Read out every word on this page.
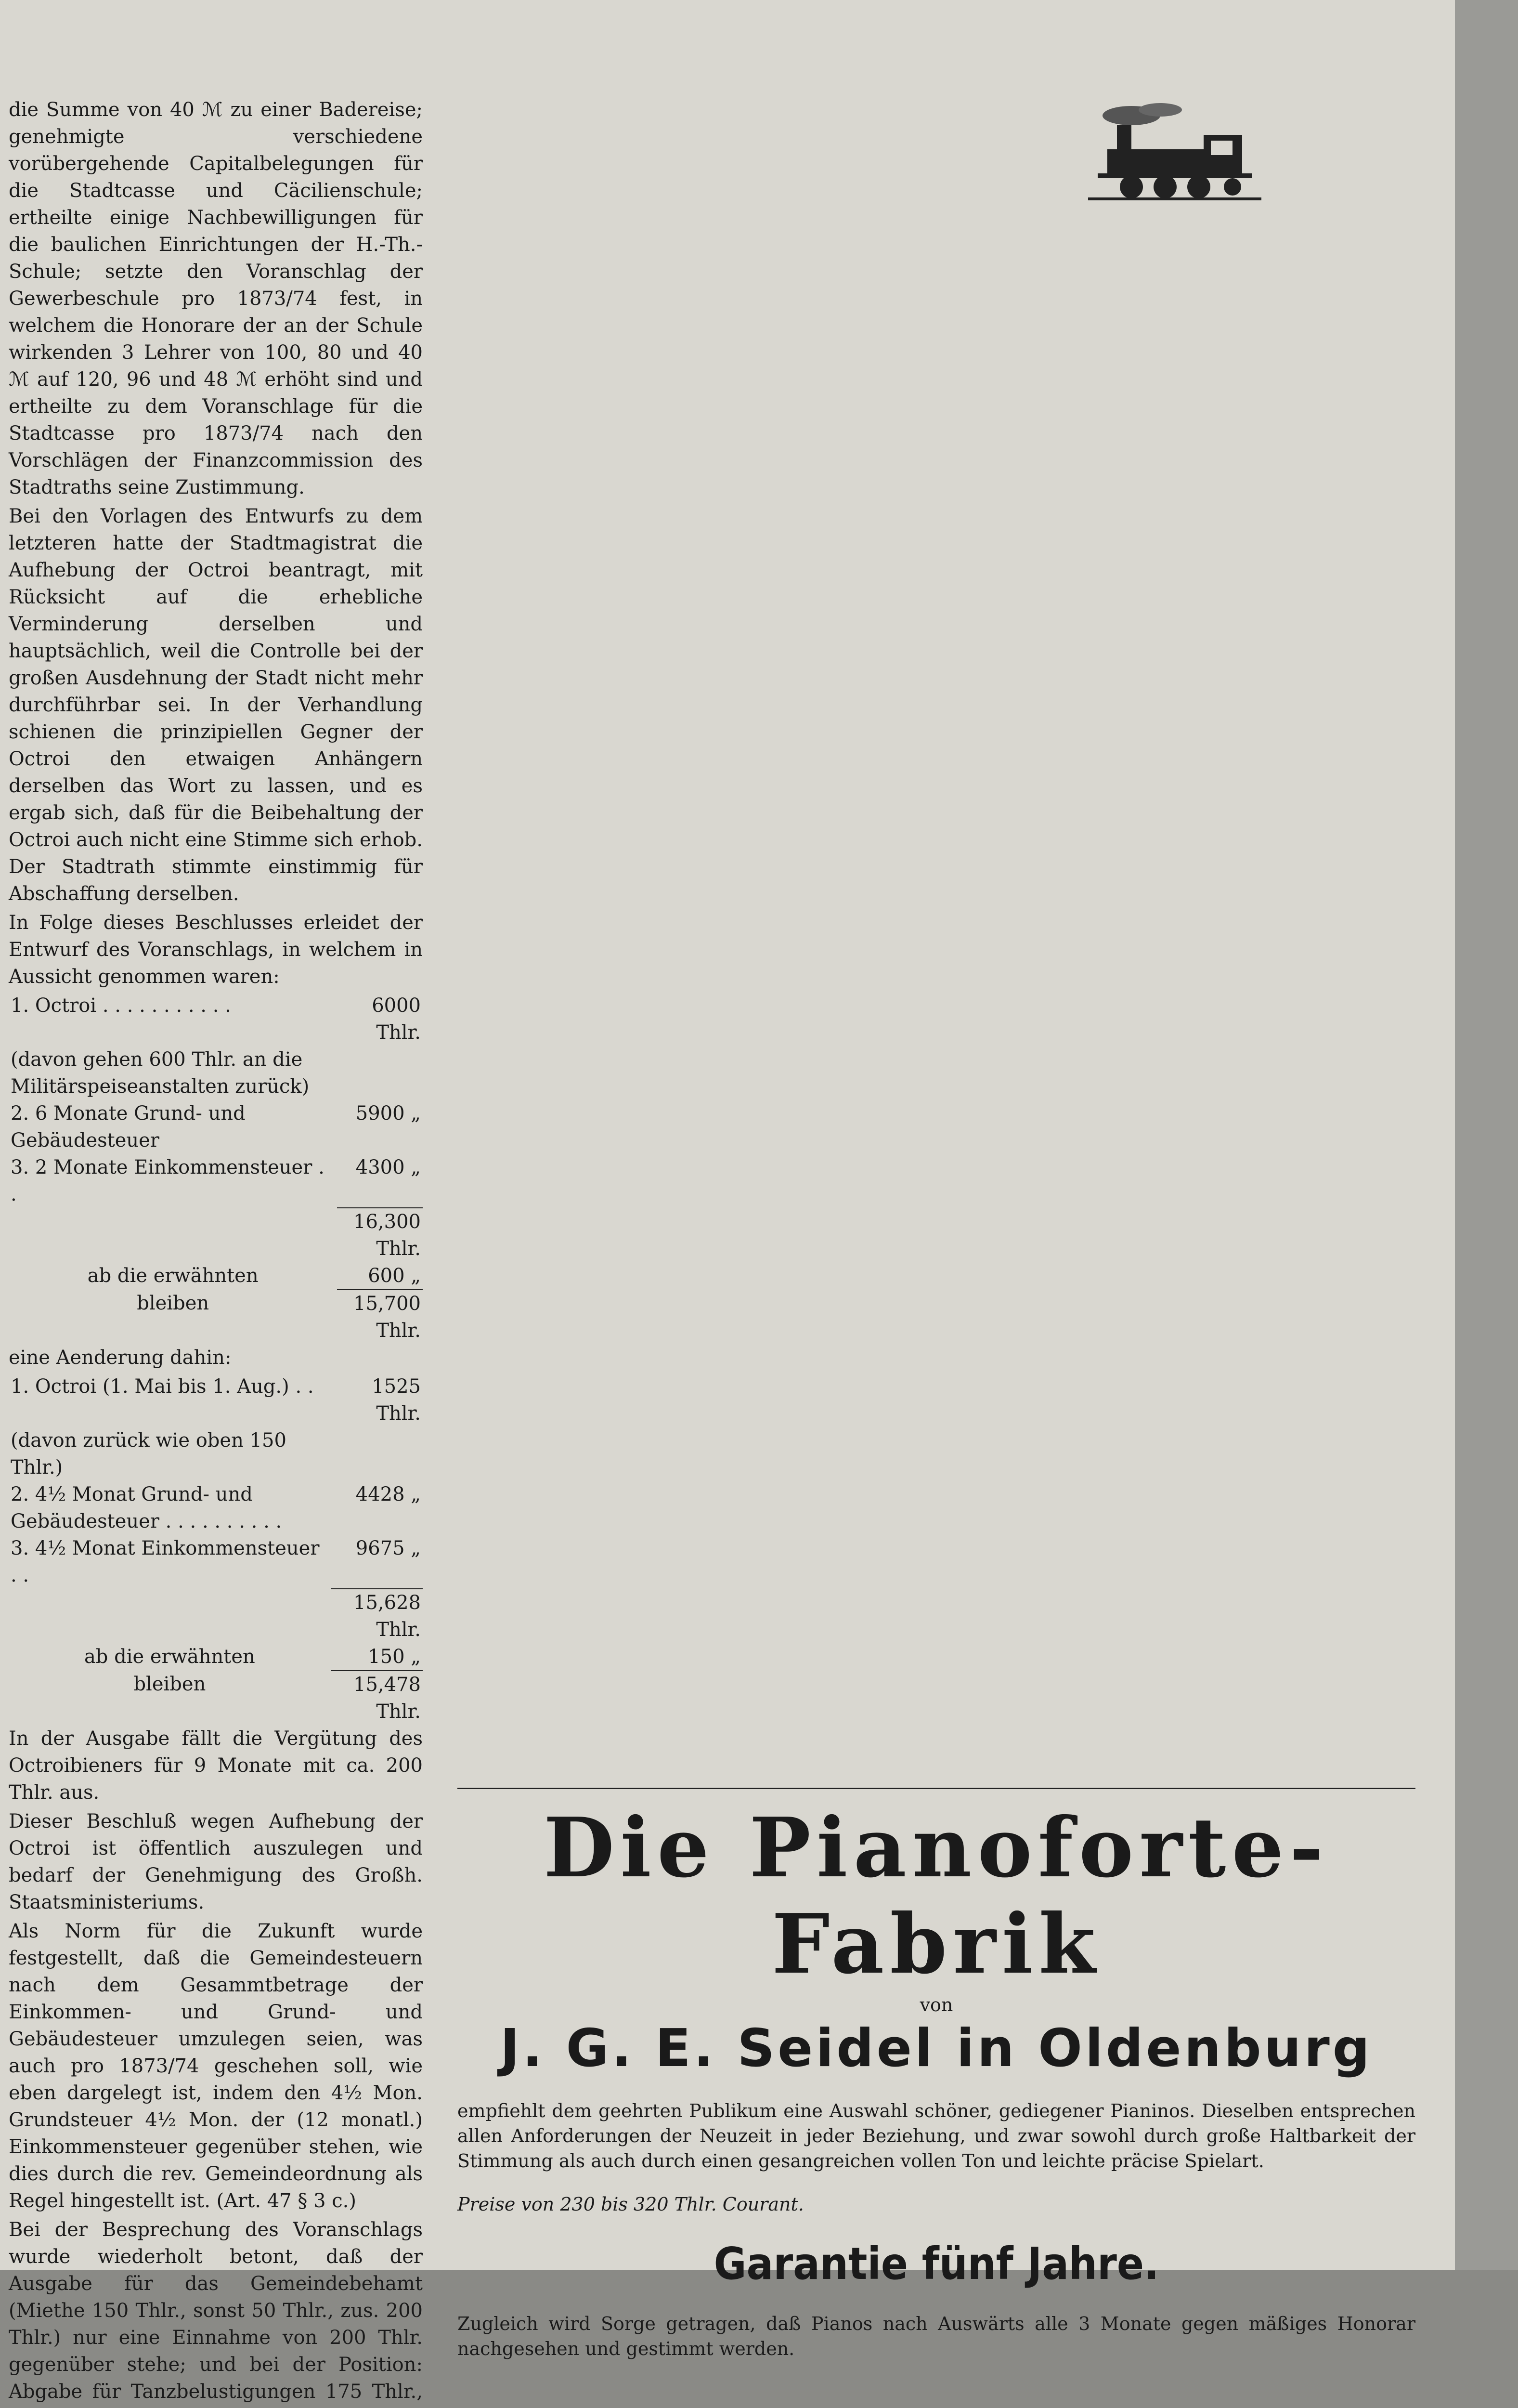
die Summe von 40 ℳ zu einer Badereise; genehmigte verschiedene vorübergehende Capitalbelegungen für die Stadtcasse und Cäcilienschule; ertheilte einige Nachbewilligungen für die baulichen Einrichtungen der H.-Th.-Schule; setzte den Voranschlag der Gewerbeschule pro 1873/74 fest, in welchem die Honorare der an der Schule wirkenden 3 Lehrer von 100, 80 und 40 ℳ auf 120, 96 und 48 ℳ erhöht sind und ertheilte zu dem Voranschlage für die Stadtcasse pro 1873/74 nach den Vorschlägen der Finanzcommission des Stadtraths seine Zustimmung.

Bei den Vorlagen des Entwurfs zu dem letzteren hatte der Stadtmagistrat die Aufhebung der Octroi beantragt, mit Rücksicht auf die erhebliche Verminderung derselben und hauptsächlich, weil die Controlle bei der großen Ausdehnung der Stadt nicht mehr durchführbar sei. In der Verhandlung schienen die prinzipiellen Gegner der Octroi den etwaigen Anhängern derselben das Wort zu lassen, und es ergab sich, daß für die Beibehaltung der Octroi auch nicht eine Stimme sich erhob. Der Stadtrath stimmte einstimmig für Abschaffung derselben.

In Folge dieses Beschlusses erleidet der Entwurf des Voranschlags, in welchem in Aussicht genommen waren:

1. Octroi . . . . . . . . . . .	6000 Thlr.
(davon gehen 600 Thlr. an die Militärspeiseanstalten zurück)	
2. 6 Monate Grund- und Gebäudesteuer	5900 „
3. 2 Monate Einkommensteuer . .	4300 „
	16,300 Thlr.
ab die erwähnten	600 „
bleiben	15,700 Thlr.

eine Aenderung dahin:

1. Octroi (1. Mai bis 1. Aug.) . .	1525 Thlr.
(davon zurück wie oben 150 Thlr.)	
2. 4½ Monat Grund- und Gebäudesteuer . . . . . . . . . .	4428 „
3. 4½ Monat Einkommensteuer . .	9675 „
	15,628 Thlr.
ab die erwähnten	150 „
bleiben	15,478 Thlr.

In der Ausgabe fällt die Vergütung des Octroibieners für 9 Monate mit ca. 200 Thlr. aus.

Dieser Beschluß wegen Aufhebung der Octroi ist öffentlich auszulegen und bedarf der Genehmigung des Großh. Staatsministeriums.

Als Norm für die Zukunft wurde festgestellt, daß die Gemeindesteuern nach dem Gesammtbetrage der Einkommen- und Grund- und Gebäudesteuer umzulegen seien, was auch pro 1873/74 geschehen soll, wie eben dargelegt ist, indem den 4½ Mon. Grundsteuer 4½ Mon. der (12 monatl.) Einkommensteuer gegenüber stehen, wie dies durch die rev. Gemeindeordnung als Regel hingestellt ist. (Art. 47 § 3 c.)

Bei der Besprechung des Voranschlags wurde wiederholt betont, daß der Ausgabe für das Gemeindebehamt (Miethe 150 Thlr., sonst 50 Thlr., zus. 200 Thlr.) nur eine Einnahme von 200 Thlr. gegenüber stehe; und bei der Position: Abgabe für Tanzbelustigungen 175 Thlr.,

Die Pianoforte-Fabrik
von
J. G. E. Seidel in Oldenburg

empfiehlt dem geehrten Publikum eine Auswahl schöner, gediegener Pianinos. Dieselben entsprechen allen Anforderungen der Neuzeit in jeder Beziehung, und zwar sowohl durch große Haltbarkeit der Stimmung als auch durch einen gesangreichen vollen Ton und leichte präcise Spielart.

Preise von 230 bis 320 Thlr. Courant.

Garantie fünf Jahre.

Zugleich wird Sorge getragen, daß Pianos nach Auswärts alle 3 Monate gegen mäßiges Honorar nachgesehen und gestimmt werden.
